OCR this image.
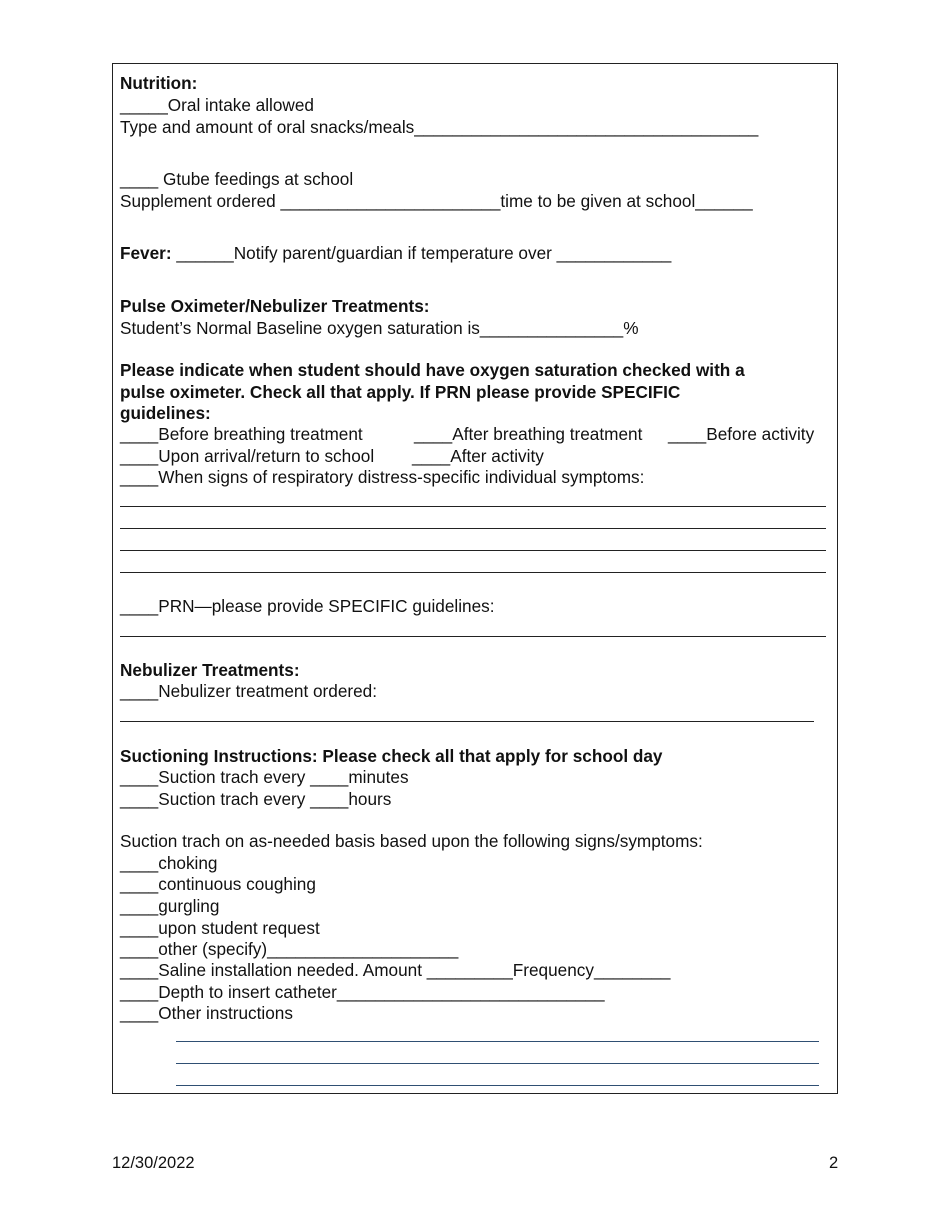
Nutrition:
_____Oral intake allowed
Type and amount of oral snacks/meals____________________________________
____ Gtube feedings at school
Supplement ordered _______________________time to be given at school______
Fever: ______Notify parent/guardian if temperature over ____________
Pulse Oximeter/Nebulizer Treatments:
Student’s Normal Baseline oxygen saturation is_______________%
Please indicate when student should have oxygen saturation checked with a
pulse oximeter. Check all that apply. If PRN please provide SPECIFIC
guidelines:
____Before breathing treatment	____After breathing treatment ____Before activity
____Upon arrival/return to school ____After activity
____When signs of respiratory distress-specific individual symptoms:
____PRN—please provide SPECIFIC guidelines:
Nebulizer Treatments:
____Nebulizer treatment ordered:
Suctioning Instructions: Please check all that apply for school day
____Suction trach every ____minutes
____Suction trach every ____hours
Suction trach on as-needed basis based upon the following signs/symptoms:
____choking
____continuous coughing
____gurgling
____upon student request
____other (specify)____________________
____Saline installation needed. Amount _________Frequency________
____Depth to insert catheter____________________________
____Other instructions
12/30/2022	2
